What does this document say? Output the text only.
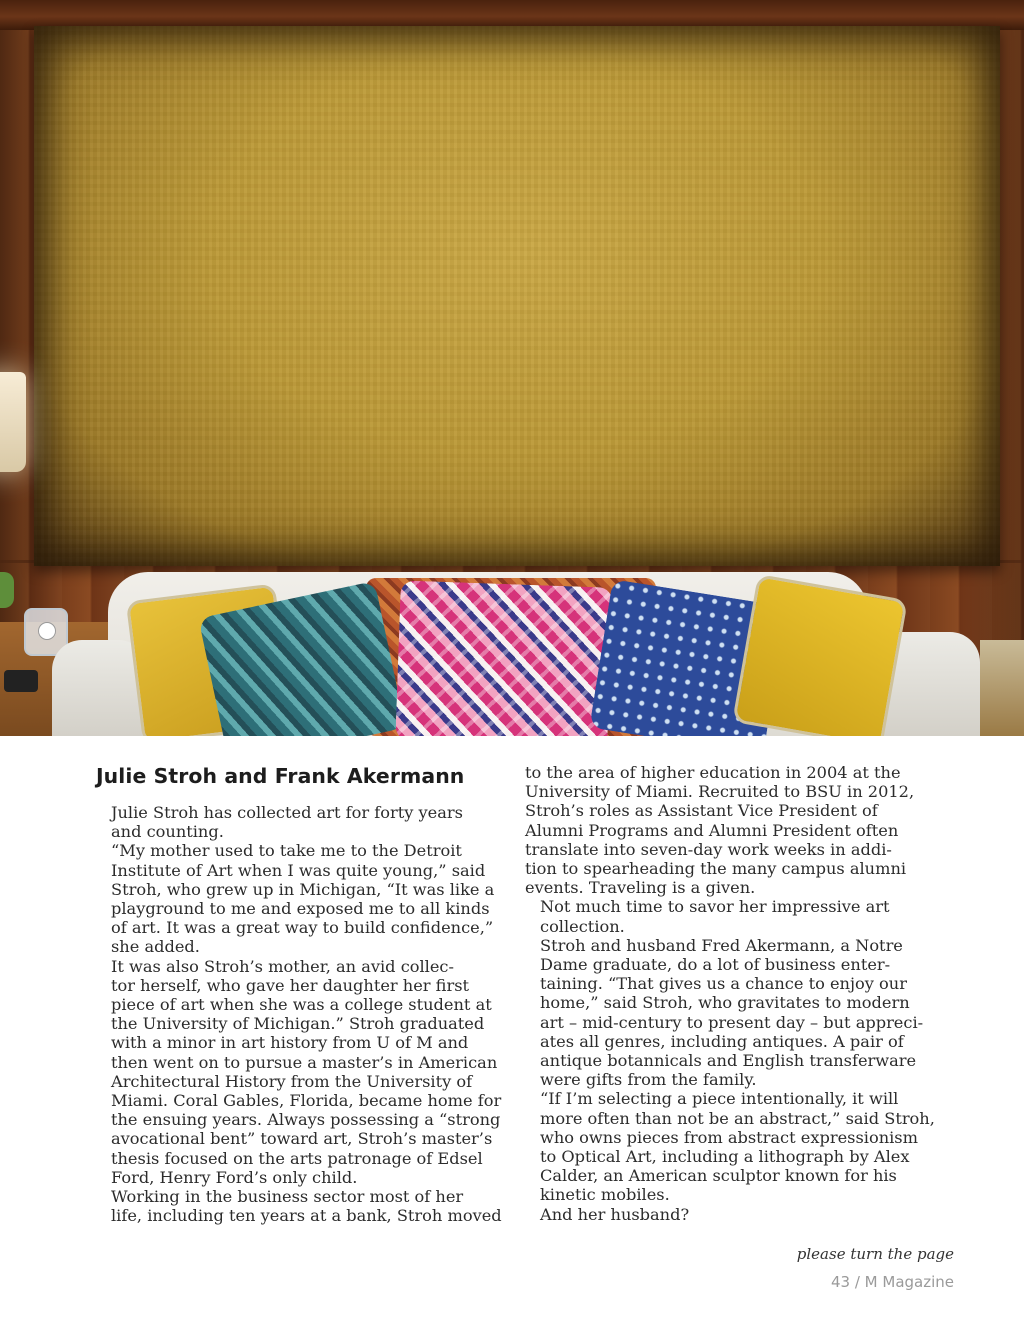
Julie Stroh and Frank Akermann

Julie Stroh has collected art for forty years
and counting.

“My mother used to take me to the Detroit
Institute of Art when I was quite young,” said
Stroh, who grew up in Michigan, “It was like a
playground to me and exposed me to all kinds
of art. It was a great way to build confidence,”
she added.

It was also Stroh’s mother, an avid collec-
tor herself, who gave her daughter her first
piece of art when she was a college student at
the University of Michigan.” Stroh graduated
with a minor in art history from U of M and
then went on to pursue a master’s in American
Architectural History from the University of
Miami. Coral Gables, Florida, became home for
the ensuing years. Always possessing a “strong
avocational bent” toward art, Stroh’s master’s
thesis focused on the arts patronage of Edsel
Ford, Henry Ford’s only child.

Working in the business sector most of her
life, including ten years at a bank, Stroh moved

to the area of higher education in 2004 at the
University of Miami. Recruited to BSU in 2012,
Stroh’s roles as Assistant Vice President of
Alumni Programs and Alumni President often
translate into seven-day work weeks in addi-
tion to spearheading the many campus alumni
events. Traveling is a given.

Not much time to savor her impressive art
collection.

Stroh and husband Fred Akermann, a Notre
Dame graduate, do a lot of business enter-
taining. “That gives us a chance to enjoy our
home,” said Stroh, who gravitates to modern
art – mid-century to present day – but appreci-
ates all genres, including antiques. A pair of
antique botannicals and English transferware
were gifts from the family.

“If I’m selecting a piece intentionally, it will
more often than not be an abstract,” said Stroh,
who owns pieces from abstract expressionism
to Optical Art, including a lithograph by Alex
Calder, an American sculptor known for his
kinetic mobiles.

And her husband?

please turn the page
43 / M Magazine
